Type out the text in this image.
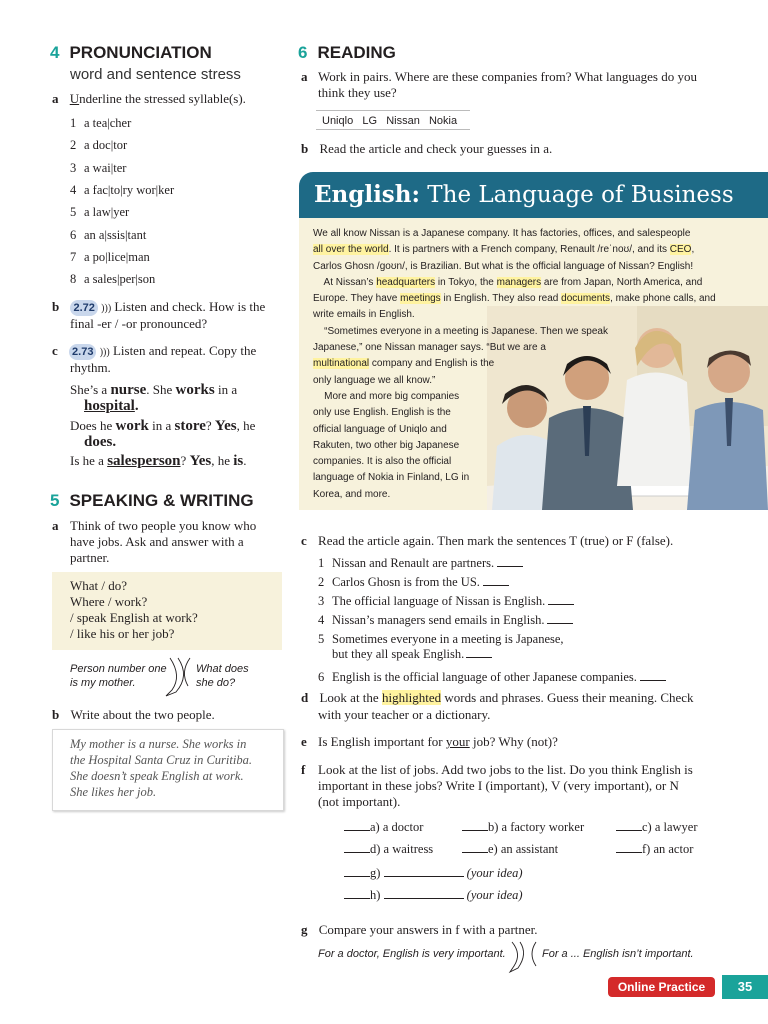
4 PRONUNCIATION
word and sentence stress
a Underline the stressed syllable(s).
1 a tea|cher
2 a doc|tor
3 a wai|ter
4 a fac|to|ry wor|ker
5 a law|yer
6 an a|ssis|tant
7 a po|lice|man
8 a sales|per|son
b 2.72 ))) Listen and check. How is the
final -er / -or pronounced?
c 2.73 ))) Listen and repeat. Copy the
rhythm.
She’s a nurse. She works in a
hospital.
Does he work in a store? Yes, he
does.
Is he a salesperson? Yes, he is.
5 SPEAKING & WRITING
a Think of two people you know who
have jobs. Ask and answer with a
partner.
What / do?
Where / work?
/ speak English at work?
/ like his or her job?
Person number one
is my mother.
What does
she do?
b Write about the two people.
My mother is a nurse. She works in
the Hospital Santa Cruz in Curitiba.
She doesn’t speak English at work.
She likes her job.
6 READING
a Work in pairs. Where are these companies from? What languages do you
think they use?
Uniqlo   LG   Nissan   Nokia
b Read the article and check your guesses in a.
English: The Language of Business
We all know Nissan is a Japanese company. It has factories, offices, and salespeople
all over the world. It is partners with a French company, Renault /reˈnoʊ/, and its CEO,
Carlos Ghosn /goʊn/, is Brazilian. But what is the official language of Nissan? English!
At Nissan’s headquarters in Tokyo, the managers are from Japan, North America, and
Europe. They have meetings in English. They also read documents, make phone calls, and
write emails in English.
“Sometimes everyone in a meeting is Japanese. Then we speak
Japanese,” one Nissan manager says. “But we are a
multinational company and English is the
only language we all know.”
More and more big companies
only use English. English is the
official language of Uniqlo and
Rakuten, two other big Japanese
companies. It is also the official
language of Nokia in Finland, LG in
Korea, and more.
c Read the article again. Then mark the sentences T (true) or F (false).
1 Nissan and Renault are partners.
2 Carlos Ghosn is from the US.
3 The official language of Nissan is English.
4 Nissan’s managers send emails in English.
5 Sometimes everyone in a meeting is Japanese,
but they all speak English.
6 English is the official language of other Japanese companies.
d Look at the highlighted words and phrases. Guess their meaning. Check
with your teacher or a dictionary.
e Is English important for your job? Why (not)?
f Look at the list of jobs. Add two jobs to the list. Do you think English is
important in these jobs? Write I (important), V (very important), or N
(not important).
a) a doctor	b) a factory worker	c) a lawyer
d) a waitress	e) an assistant	f) an actor
g)	(your idea)
h)	(your idea)
g Compare your answers in f with a partner.
For a doctor, English is very important.	For a ... English isn’t important.
Online Practice	35
